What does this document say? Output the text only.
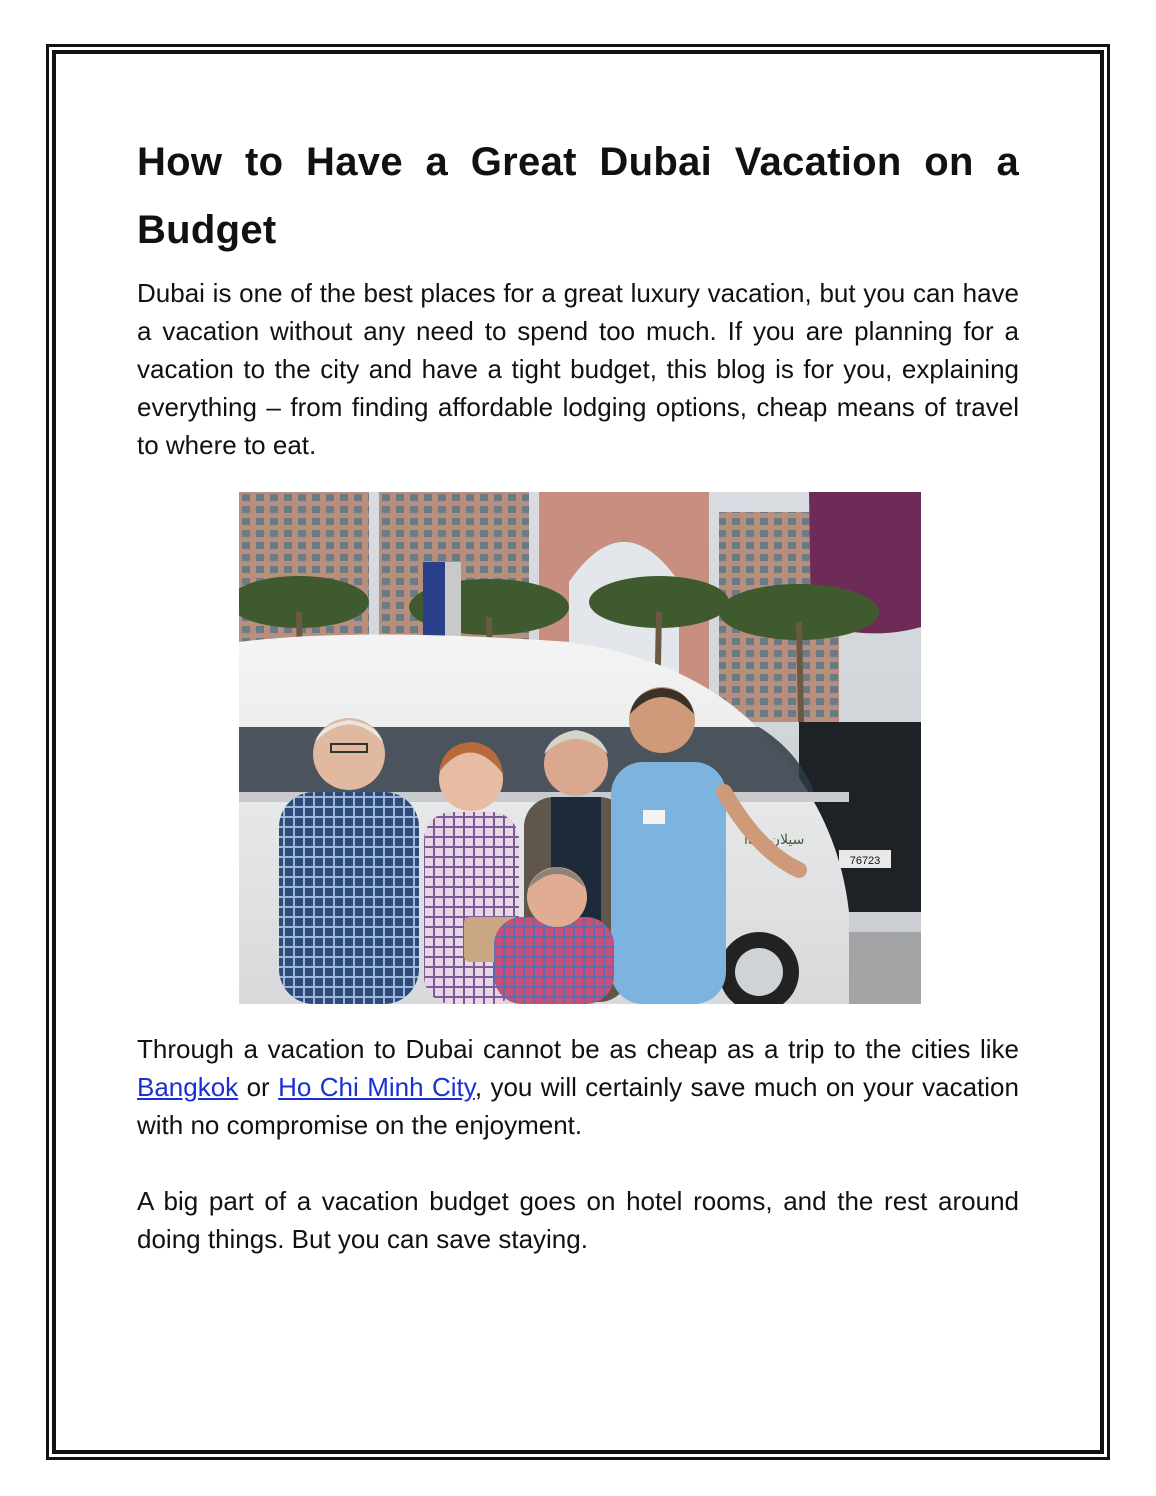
How to Have a Great Dubai Vacation on a Budget

Dubai is one of the best places for a great luxury vacation, but you can have a vacation without any need to spend too much. If you are planning for a vacation to the city and have a tight budget, this blog is for you, explaining everything – from finding affordable lodging options, cheap means of travel to where to eat.

76723
lan سيلان

Through a vacation to Dubai cannot be as cheap as a trip to the cities like Bangkok or Ho Chi Minh City, you will certainly save much on your vacation with no compromise on the enjoyment.

A big part of a vacation budget goes on hotel rooms, and the rest around doing things. But you can save staying.
